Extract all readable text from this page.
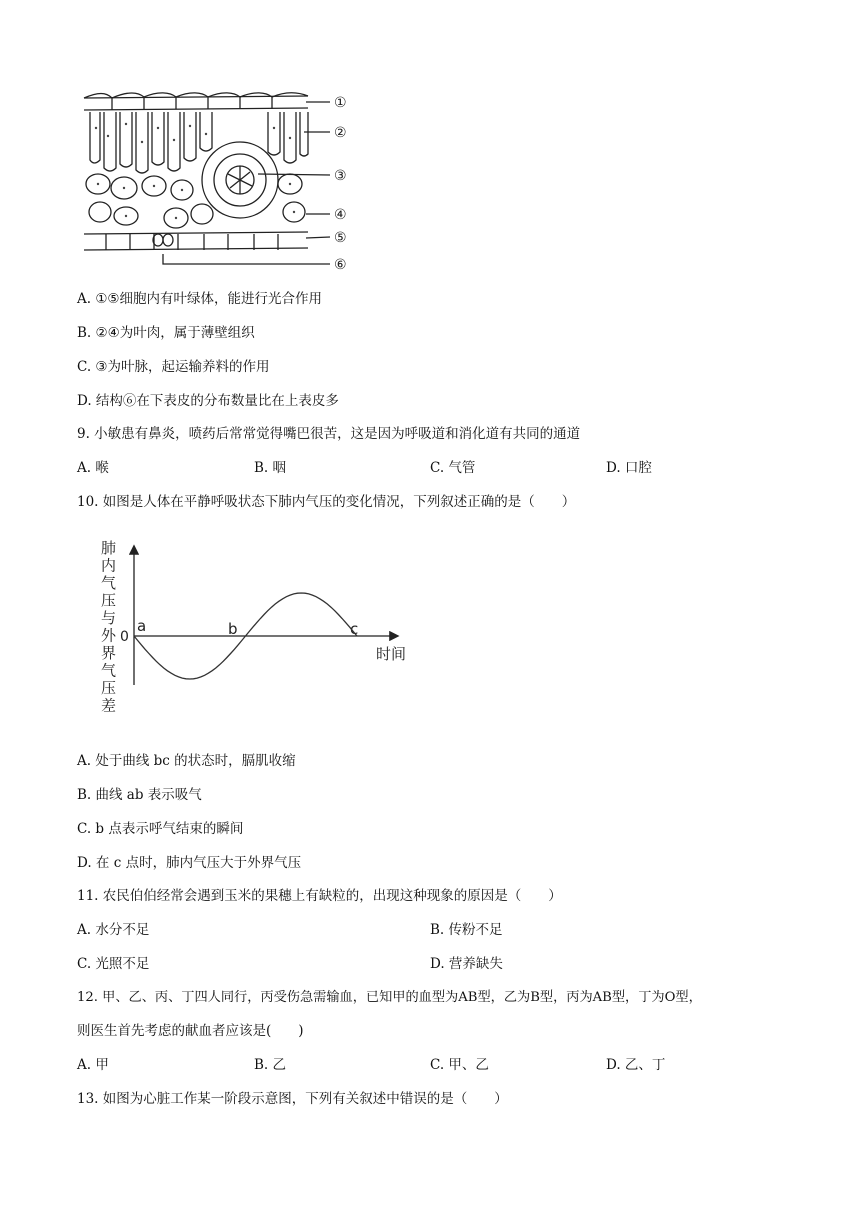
①
②
③
④
⑤
⑥
A. ①⑤细胞内有叶绿体，能进行光合作用
B. ②④为叶肉，属于薄壁组织
C. ③为叶脉，起运输养料的作用
D. 结构⑥在下表皮的分布数量比在上表皮多
9. 小敏患有鼻炎，喷药后常常觉得嘴巴很苦，这是因为呼吸道和消化道有共同的通道
A. 喉	B. 咽	C. 气管	D. 口腔
10. 如图是人体在平静呼吸状态下肺内气压的变化情况，下列叙述正确的是（　　）
肺
内
气
压
与
外
界
气
压
差
0
时间
a	b	c
A. 处于曲线 bc 的状态时，膈肌收缩
B. 曲线 ab 表示吸气
C. b 点表示呼气结束的瞬间
D. 在 c 点时，肺内气压大于外界气压
11. 农民伯伯经常会遇到玉米的果穗上有缺粒的，出现这种现象的原因是（　　）
A. 水分不足	B. 传粉不足
C. 光照不足	D. 营养缺失
12. 甲、乙、丙、丁四人同行，丙受伤急需输血，已知甲的血型为AB型，乙为B型，丙为AB型，丁为O型，
则医生首先考虑的献血者应该是(　　)
A. 甲	B. 乙	C. 甲、乙	D. 乙、丁
13. 如图为心脏工作某一阶段示意图，下列有关叙述中错误的是（　　）
